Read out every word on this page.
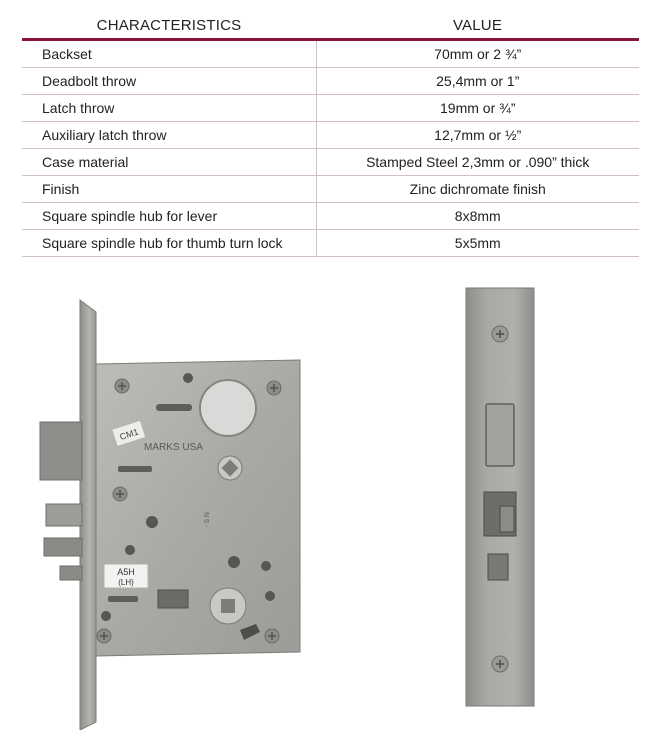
CHARACTERISTICS	VALUE
Backset	70mm or 2 ¾”
Deadbolt throw	25,4mm or 1”
Latch throw	19mm or ¾”
Auxiliary latch throw	12,7mm or ½”
Case material	Stamped Steel 2,3mm or .090” thick
Finish	Zinc dichromate finish
Square spindle hub for lever	8x8mm
Square spindle hub for thumb turn lock	5x5mm
CM1
MARKS USA
A5H
(LH)
N 5 -
